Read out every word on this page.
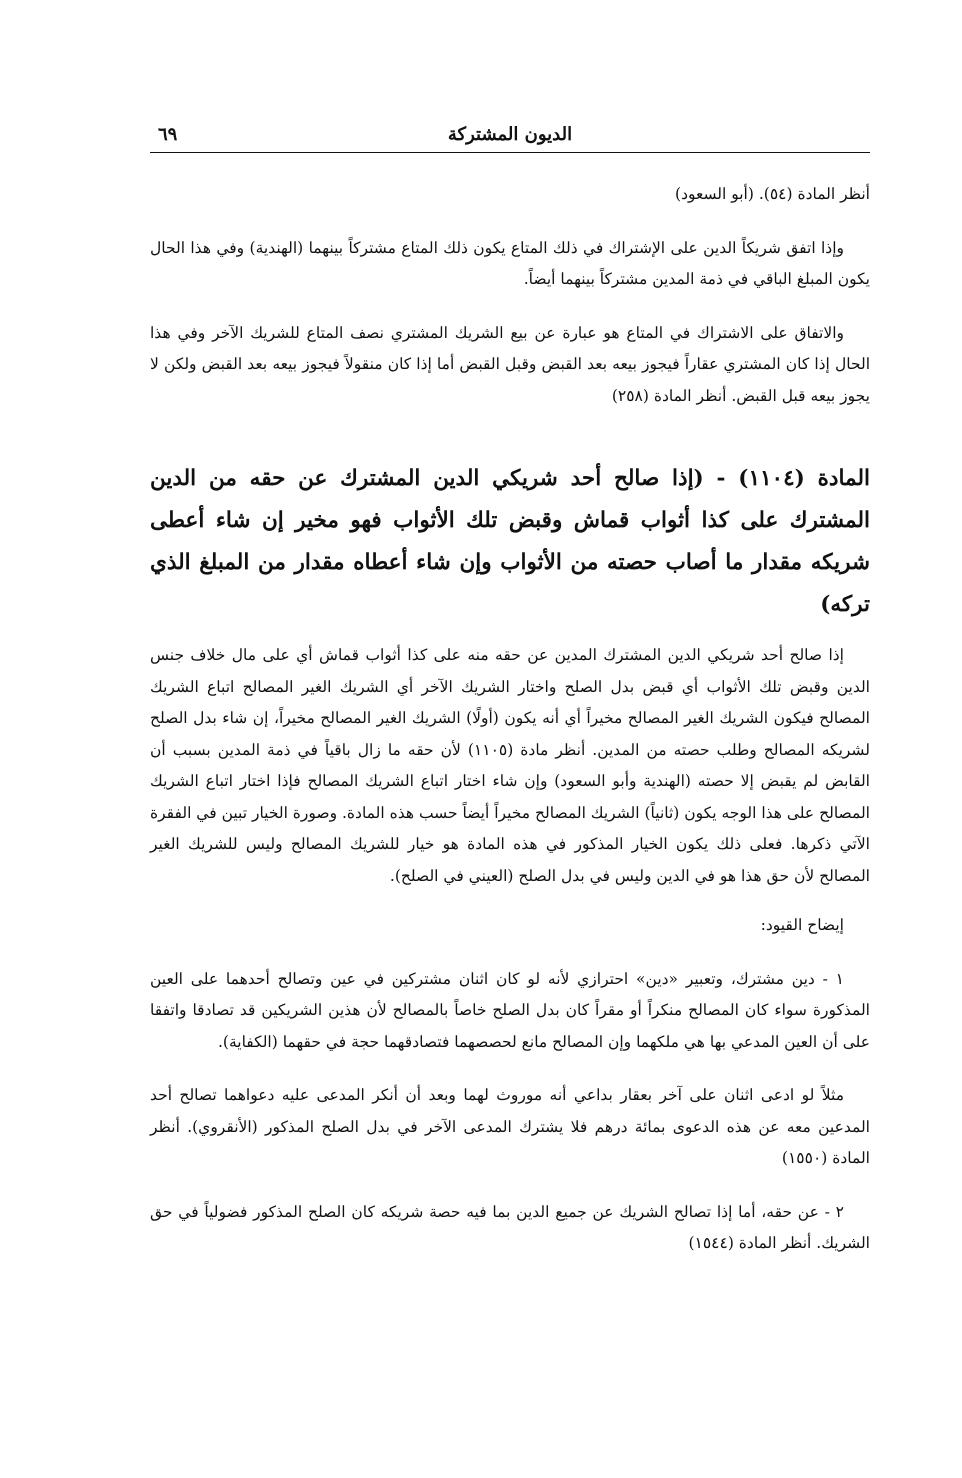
الديون المشتركة
٦٩

أنظر المادة (٥٤). (أبو السعود)

وإذا اتفق شريكاً الدين على الإشتراك في ذلك المتاع يكون ذلك المتاع مشتركاً بينهما (الهندية) وفي هذا الحال يكون المبلغ الباقي في ذمة المدين مشتركاً بينهما أيضاً.

والاتفاق على الاشتراك في المتاع هو عبارة عن بيع الشريك المشتري نصف المتاع للشريك الآخر وفي هذا الحال إذا كان المشتري عقاراً فيجوز بيعه بعد القبض وقبل القبض أما إذا كان منقولاً فيجوز بيعه بعد القبض ولكن لا يجوز بيعه قبل القبض. أنظر المادة (٢٥٨)

المادة (١١٠٤) - (إذا صالح أحد شريكي الدين المشترك عن حقه من الدين المشترك على كذا أثواب قماش وقبض تلك الأثواب فهو مخير إن شاء أعطى شريكه مقدار ما أصاب حصته من الأثواب وإن شاء أعطاه مقدار من المبلغ الذي تركه)

إذا صالح أحد شريكي الدين المشترك المدين عن حقه منه على كذا أثواب قماش أي على مال خلاف جنس الدين وقبض تلك الأثواب أي قبض بدل الصلح واختار الشريك الآخر أي الشريك الغير المصالح اتباع الشريك المصالح فيكون الشريك الغير المصالح مخيراً أي أنه يكون (أولًا) الشريك الغير المصالح مخيراً، إن شاء بدل الصلح لشريكه المصالح وطلب حصته من المدين. أنظر مادة (١١٠٥) لأن حقه ما زال باقياً في ذمة المدين بسبب أن القابض لم يقبض إلا حصته (الهندية وأبو السعود) وإن شاء اختار اتباع الشريك المصالح فإذا اختار اتباع الشريك المصالح على هذا الوجه يكون (ثانياً) الشريك المصالح مخيراً أيضاً حسب هذه المادة. وصورة الخيار تبين في الفقرة الآتي ذكرها. فعلى ذلك يكون الخيار المذكور في هذه المادة هو خيار للشريك المصالح وليس للشريك الغير المصالح لأن حق هذا هو في الدين وليس في بدل الصلح (العيني في الصلح).

إيضاح القيود:

١ - دين مشترك، وتعبير «دين» احترازي لأنه لو كان اثنان مشتركين في عين وتصالح أحدهما على العين المذكورة سواء كان المصالح منكراً أو مقراً كان بدل الصلح خاصاً بالمصالح لأن هذين الشريكين قد تصادقا واتفقا على أن العين المدعي بها هي ملكهما وإن المصالح مانع لحصصهما فتصادقهما حجة في حقهما (الكفاية).

مثلاً لو ادعى اثنان على آخر بعقار بداعي أنه موروث لهما وبعد أن أنكر المدعى عليه دعواهما تصالح أحد المدعين معه عن هذه الدعوى بمائة درهم فلا يشترك المدعى الآخر في بدل الصلح المذكور (الأنقروي). أنظر المادة (١٥٥٠)

٢ - عن حقه، أما إذا تصالح الشريك عن جميع الدين بما فيه حصة شريكه كان الصلح المذكور فضولياً في حق الشريك. أنظر المادة (١٥٤٤)
